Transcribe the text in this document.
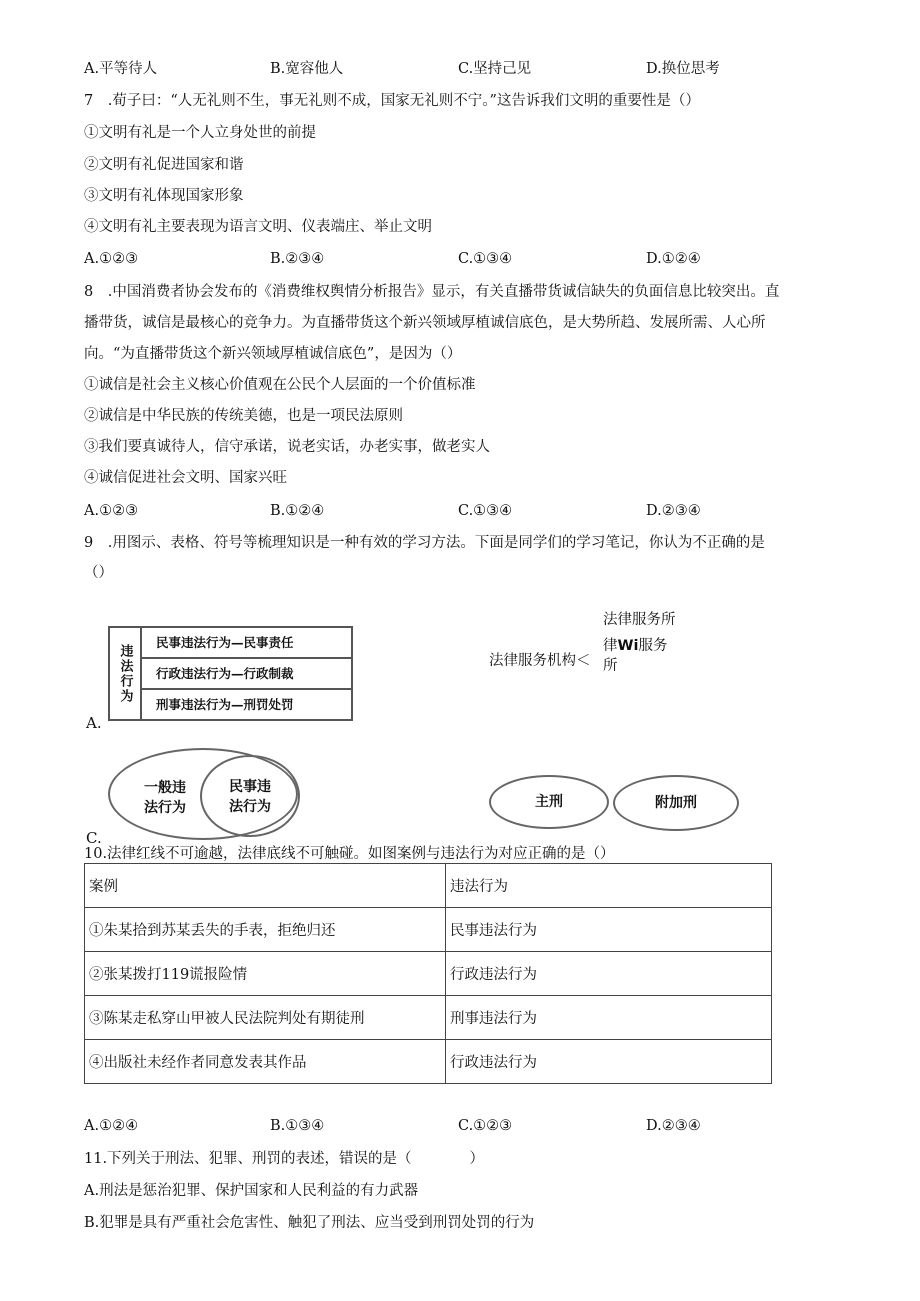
A.平等待人	B.宽容他人	C.坚持己见	D.换位思考
7　.荀子曰：“人无礼则不生，事无礼则不成，国家无礼则不宁。”这告诉我们文明的重要性是（）
①文明有礼是一个人立身处世的前提
②文明有礼促进国家和谐
③文明有礼体现国家形象
④文明有礼主要表现为语言文明、仪表端庄、举止文明
A.①②③	B.②③④	C.①③④	D.①②④
8　.中国消费者协会发布的《消费维权舆情分析报告》显示，有关直播带货诚信缺失的负面信息比较突出。直
播带货，诚信是最核心的竞争力。为直播带货这个新兴领域厚植诚信底色，是大势所趋、发展所需、人心所
向。“为直播带货这个新兴领域厚植诚信底色”，是因为（）
①诚信是社会主义核心价值观在公民个人层面的一个价值标准
②诚信是中华民族的传统美德，也是一项民法原则
③我们要真诚待人，信守承诺，说老实话，办老实事，做老实人
④诚信促进社会文明、国家兴旺
A.①②③	B.①②④	C.①③④	D.②③④
9　.用图示、表格、符号等梳理知识是一种有效的学习方法。下面是同学们的学习笔记，你认为不正确的是
（）
违法行为
民事违法行为—民事责任
行政违法行为—行政制裁
刑事违法行为—刑罚处罚
A.
法律服务所
法律服务机构＜
律Wi服务
所
一般违
法行为
民事违
法行为
C.
主刑	附加刑
10.法律红线不可逾越，法律底线不可触碰。如图案例与违法行为对应正确的是（）
案例	违法行为
①朱某拾到苏某丢失的手表，拒绝归还	民事违法行为
②张某拨打119谎报险情	行政违法行为
③陈某走私穿山甲被人民法院判处有期徒刑	刑事违法行为
④出版社未经作者同意发表其作品	行政违法行为
A.①②④	B.①③④	C.①②③	D.②③④
11.下列关于刑法、犯罪、刑罚的表述，错误的是（　　　　）
A.刑法是惩治犯罪、保护国家和人民利益的有力武器
B.犯罪是具有严重社会危害性、触犯了刑法、应当受到刑罚处罚的行为
